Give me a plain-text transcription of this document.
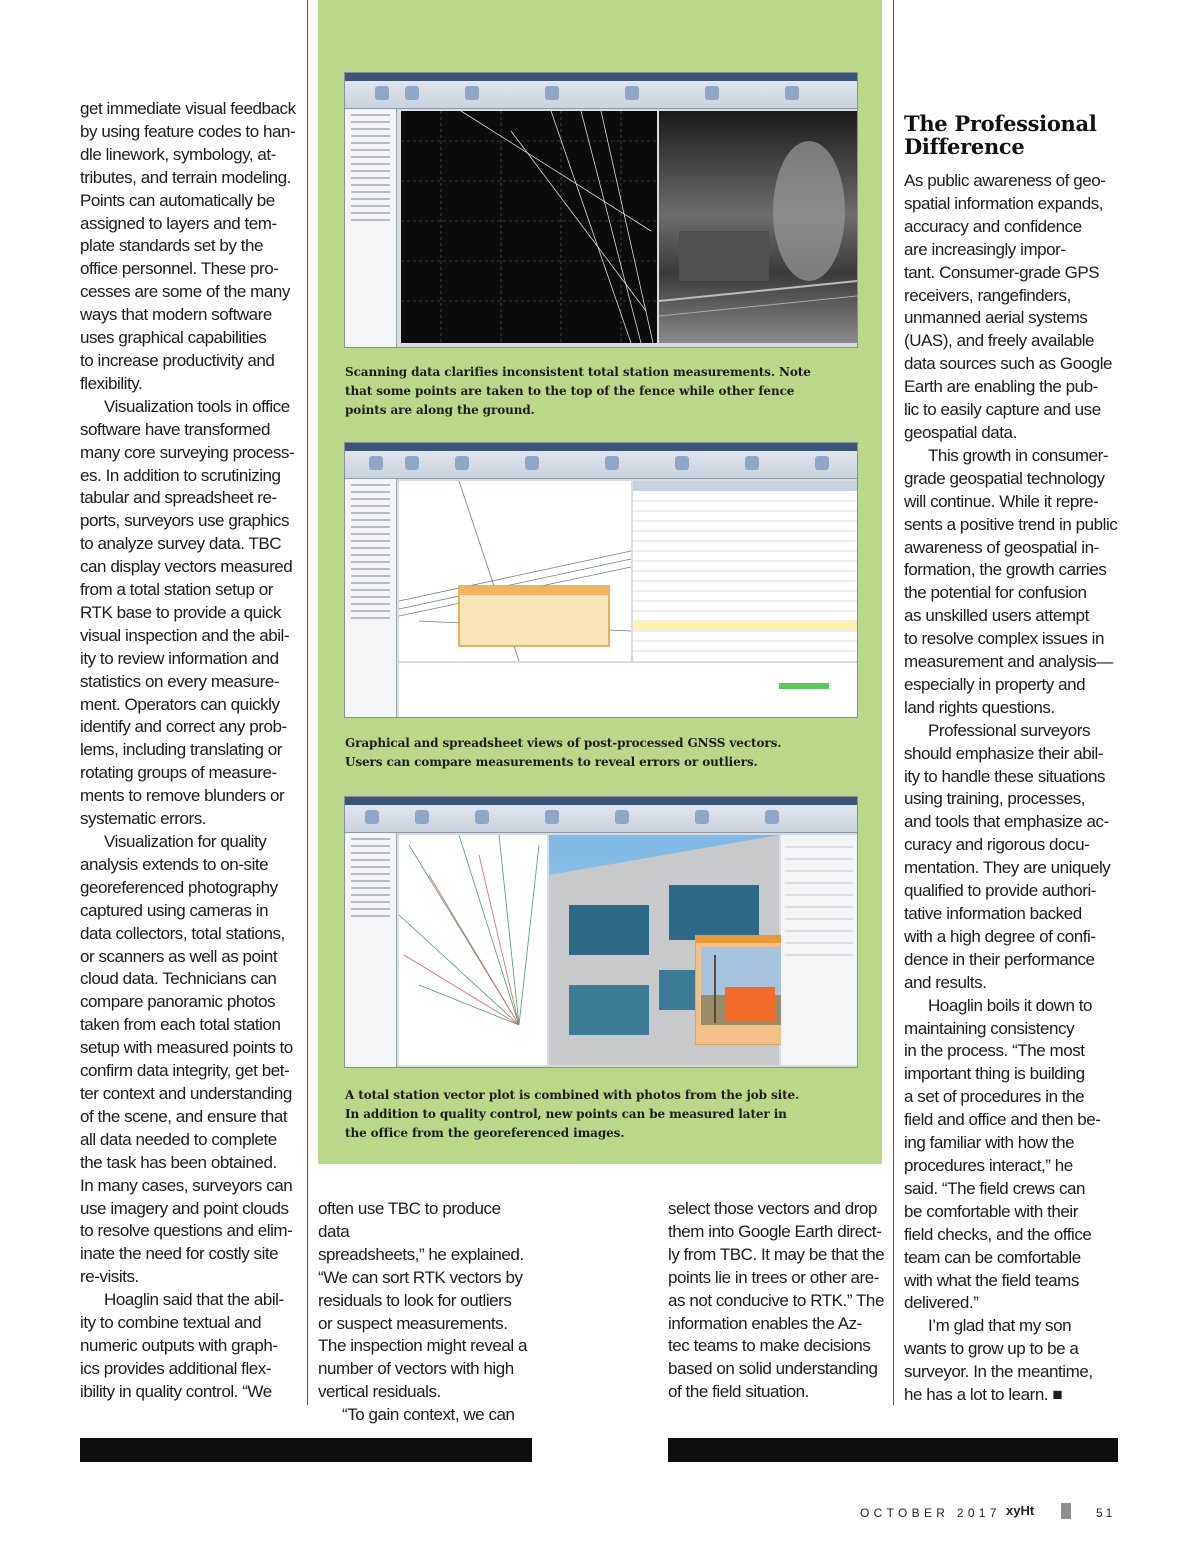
get immediate visual feedback
by using feature codes to han-
dle linework, symbology, at-
tributes, and terrain modeling.
Points can automatically be
assigned to layers and tem-
plate standards set by the
office personnel. These pro-
cesses are some of the many
ways that modern software
uses graphical capabilities
to increase productivity and
flexibility.

Visualization tools in office
software have transformed
many core surveying process-
es. In addition to scrutinizing
tabular and spreadsheet re-
ports, surveyors use graphics
to analyze survey data. TBC
can display vectors measured
from a total station setup or
RTK base to provide a quick
visual inspection and the abil-
ity to review information and
statistics on every measure-
ment. Operators can quickly
identify and correct any prob-
lems, including translating or
rotating groups of measure-
ments to remove blunders or
systematic errors.

Visualization for quality
analysis extends to on-site
georeferenced photography
captured using cameras in
data collectors, total stations,
or scanners as well as point
cloud data. Technicians can
compare panoramic photos
taken from each total station
setup with measured points to
confirm data integrity, get bet-
ter context and understanding
of the scene, and ensure that
all data needed to complete
the task has been obtained.
In many cases, surveyors can
use imagery and point clouds
to resolve questions and elim-
inate the need for costly site
re-visits.

Hoaglin said that the abil-
ity to combine textual and
numeric outputs with graph-
ics provides additional flex-
ibility in quality control. “We

Scanning data clarifies inconsistent total station measurements. Note
that some points are taken to the top of the fence while other fence
points are along the ground.
Graphical and spreadsheet views of post-processed GNSS vectors.
Users can compare measurements to reveal errors or outliers.
A total station vector plot is combined with photos from the job site.
In addition to quality control, new points can be measured later in
the office from the georeferenced images.

often use TBC to produce data
spreadsheets,” he explained.
“We can sort RTK vectors by
residuals to look for outliers
or suspect measurements.
The inspection might reveal a
number of vectors with high
vertical residuals.

“To gain context, we can

select those vectors and drop
them into Google Earth direct-
ly from TBC. It may be that the
points lie in trees or other are-
as not conducive to RTK.” The
information enables the Az-
tec teams to make decisions
based on solid understanding
of the field situation.

The Professional
Difference

As public awareness of geo-
spatial information expands,
accuracy and confidence
are increasingly impor-
tant. Consumer-grade GPS
receivers, rangefinders,
unmanned aerial systems
(UAS), and freely available
data sources such as Google
Earth are enabling the pub-
lic to easily capture and use
geospatial data.

This growth in consumer-
grade geospatial technology
will continue. While it repre-
sents a positive trend in public
awareness of geospatial in-
formation, the growth carries
the potential for confusion
as unskilled users attempt
to resolve complex issues in
measurement and analysis—
especially in property and
land rights questions.

Professional surveyors
should emphasize their abil-
ity to handle these situations
using training, processes,
and tools that emphasize ac-
curacy and rigorous docu-
mentation. They are uniquely
qualified to provide authori-
tative information backed
with a high degree of confi-
dence in their performance
and results.

Hoaglin boils it down to
maintaining consistency
in the process. “The most
important thing is building
a set of procedures in the
field and office and then be-
ing familiar with how the
procedures interact,” he
said. “The field crews can
be comfortable with their
field checks, and the office
team can be comfortable
with what the field teams
delivered.”

I’m glad that my son
wants to grow up to be a
surveyor. In the meantime,
he has a lot to learn. ■

OCTOBER 2017 xyHt	51
